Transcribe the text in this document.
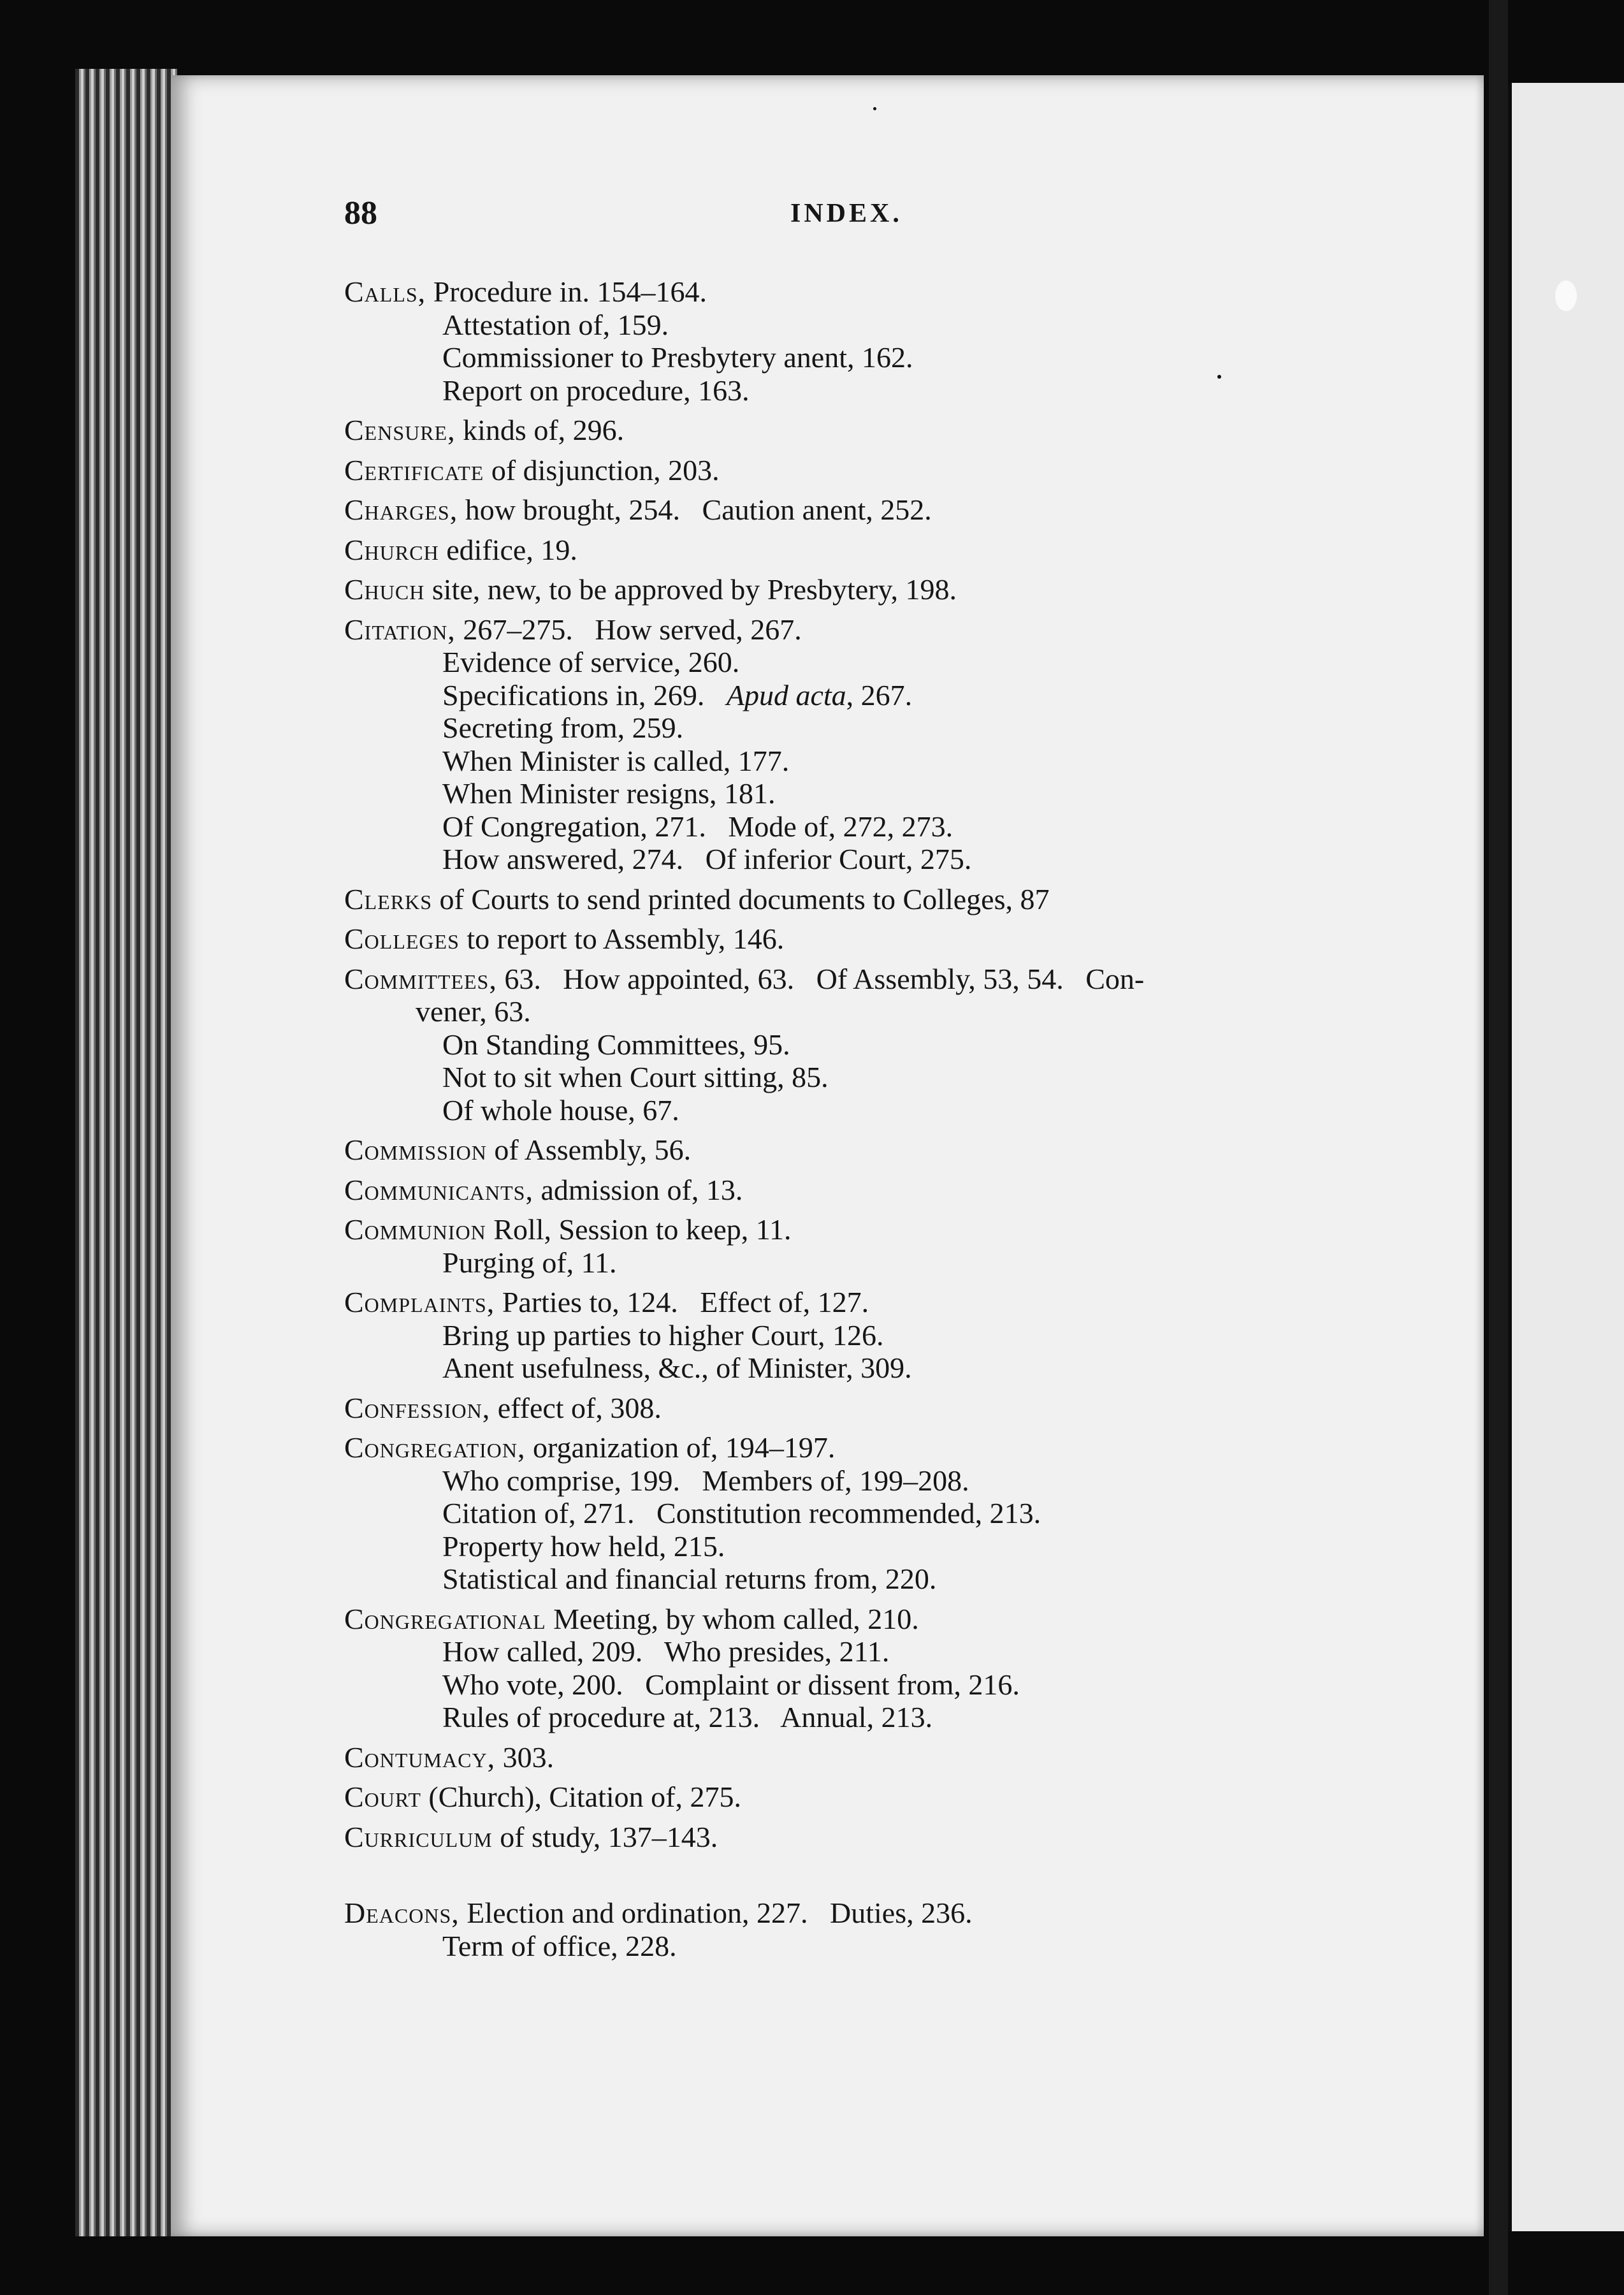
88	INDEX.
Calls, Procedure in. 154–164.
Attestation of, 159.
Commissioner to Presbytery anent, 162.
Report on procedure, 163.
Censure, kinds of, 296.
Certificate of disjunction, 203.
Charges, how brought, 254.   Caution anent, 252.
Church edifice, 19.
Chuch site, new, to be approved by Presbytery, 198.
Citation, 267–275.   How served, 267.
Evidence of service, 260.
Specifications in, 269.   Apud acta, 267.
Secreting from, 259.
When Minister is called, 177.
When Minister resigns, 181.
Of Congregation, 271.   Mode of, 272, 273.
How answered, 274.   Of inferior Court, 275.
Clerks of Courts to send printed documents to Colleges, 87
Colleges to report to Assembly, 146.
Committees, 63.   How appointed, 63.   Of Assembly, 53, 54.   Con-
vener, 63.
On Standing Committees, 95.
Not to sit when Court sitting, 85.
Of whole house, 67.
Commission of Assembly, 56.
Communicants, admission of, 13.
Communion Roll, Session to keep, 11.
Purging of, 11.
Complaints, Parties to, 124.   Effect of, 127.
Bring up parties to higher Court, 126.
Anent usefulness, &c., of Minister, 309.
Confession, effect of, 308.
Congregation, organization of, 194–197.
Who comprise, 199.   Members of, 199–208.
Citation of, 271.   Constitution recommended, 213.
Property how held, 215.
Statistical and financial returns from, 220.
Congregational Meeting, by whom called, 210.
How called, 209.   Who presides, 211.
Who vote, 200.   Complaint or dissent from, 216.
Rules of procedure at, 213.   Annual, 213.
Contumacy, 303.
Court (Church), Citation of, 275.
Curriculum of study, 137–143.
Deacons, Election and ordination, 227.   Duties, 236.
Term of office, 228.
